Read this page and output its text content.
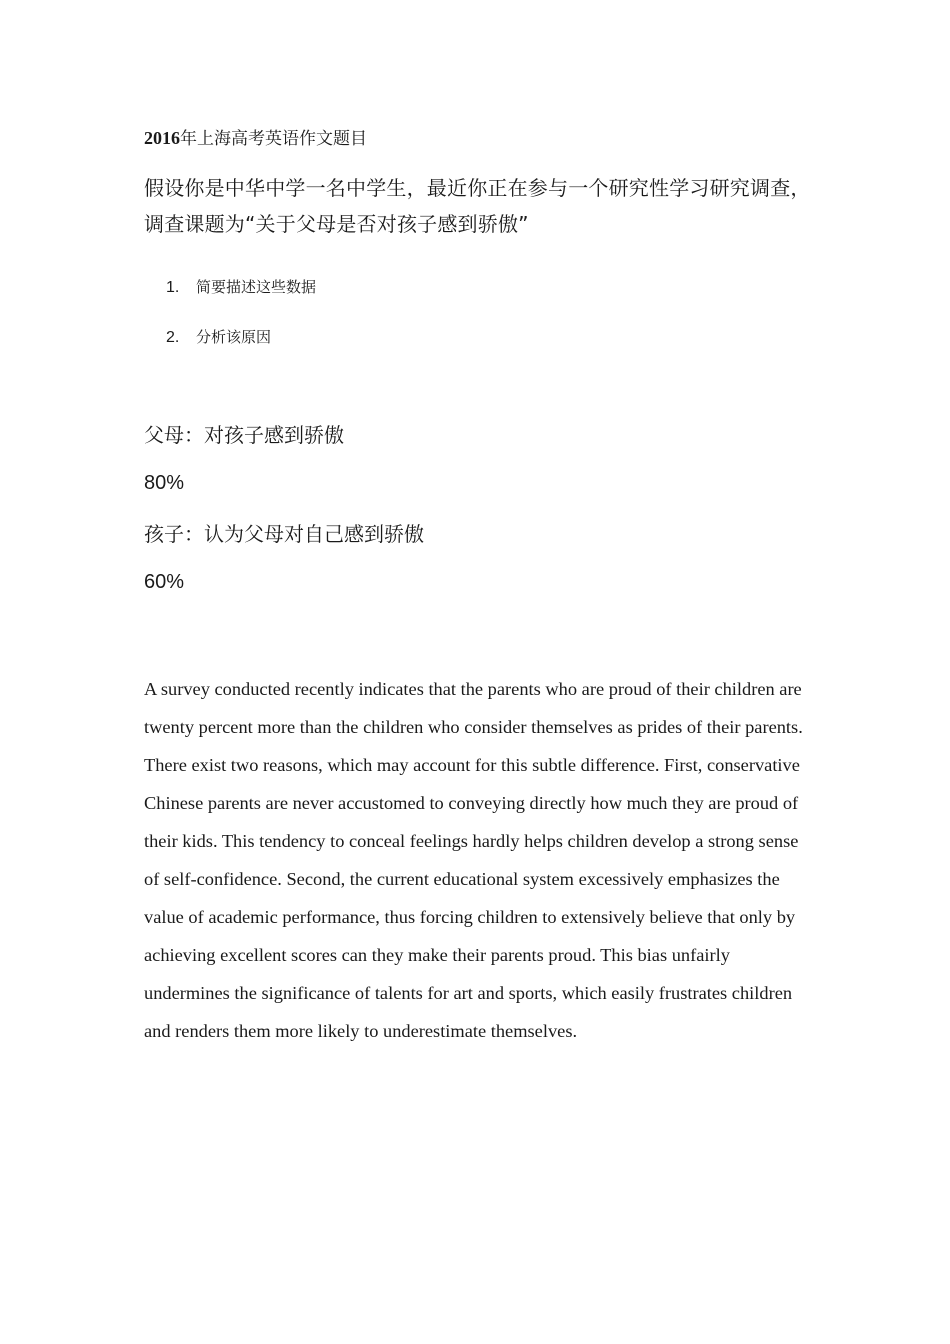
2016年上海高考英语作文题目
假设你是中华中学一名中学生，最近你正在参与一个研究性学习研究调查，调查课题为“关于父母是否对孩子感到骄傲”
1. 简要描述这些数据
2. 分析该原因
父母：对孩子感到骄傲
80%
孩子：认为父母对自己感到骄傲
60%

A survey conducted recently indicates that the parents who are proud of their children are twenty percent more than the children who consider themselves as prides of their parents.

There exist two reasons, which may account for this subtle difference. First, conservative Chinese parents are never accustomed to conveying directly how much they are proud of their kids. This tendency to conceal feelings hardly helps children develop a strong sense of self-confidence. Second, the current educational system excessively emphasizes the value of academic performance, thus forcing children to extensively believe that only by achieving excellent scores can they make their parents proud. This bias unfairly undermines the significance of talents for art and sports, which easily frustrates children and renders them more likely to underestimate themselves.
